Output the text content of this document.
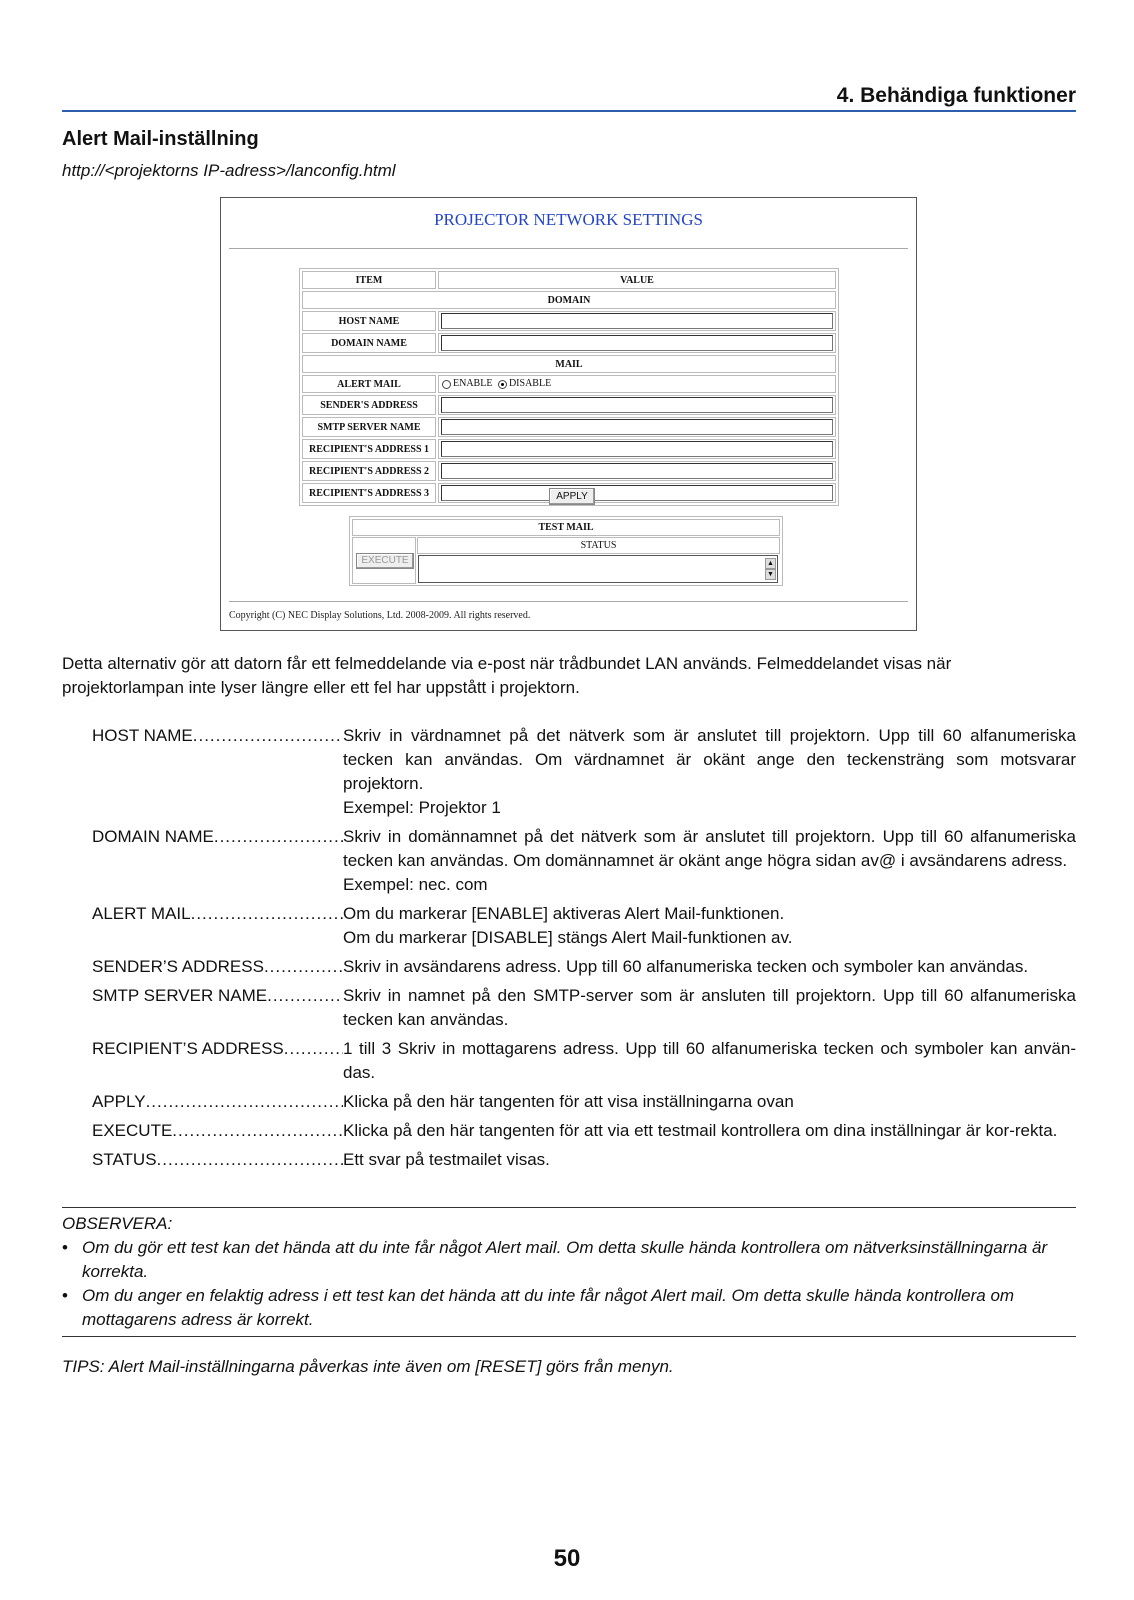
4. Behändiga funktioner
Alert Mail-inställning
http://<projektorns IP-adress>/lanconfig.html
PROJECTOR NETWORK SETTINGS
ITEM	VALUE
DOMAIN	
HOST NAME	

DOMAIN NAME	

MAIL	
ALERT MAIL	ENABLE DISABLE
SENDER'S ADDRESS	

SMTP SERVER NAME	

RECIPIENT'S ADDRESS 1	

RECIPIENT'S ADDRESS 2	

RECIPIENT'S ADDRESS 3		APPLY
TEST MAIL
EXECUTE
STATUS
▲
▼
Copyright (C) NEC Display Solutions, Ltd. 2008-2009. All rights reserved.

Detta alternativ gör att datorn får ett felmeddelande via e-post när trådbundet LAN används. Felmeddelandet visas när projektorlampan inte lyser längre eller ett fel har uppstått i projektorn.

HOST NAME .....	Skriv in värdnamnet på det nätverk som är anslutet till projektorn. Upp till 60 alfanumeriska tecken kan användas. Om värdnamnet är okänt ange den teckensträng som motsvarar projektorn.
Exempel: Projektor 1
DOMAIN NAME .....	Skriv in domännamnet på det nätverk som är anslutet till projektorn. Upp till 60 alfanumeriska tecken kan användas. Om domännamnet är okänt ange högra sidan av@ i avsändarens adress.
Exempel: nec. com
ALERT MAIL .....	Om du markerar [ENABLE] aktiveras Alert Mail-funktionen.
Om du markerar [DISABLE] stängs Alert Mail-funktionen av.
SENDER’S ADDRESS .....	Skriv in avsändarens adress. Upp till 60 alfanumeriska tecken och symboler kan användas.
SMTP SERVER NAME .....	Skriv in namnet på den SMTP-server som är ansluten till projektorn. Upp till 60 alfanumeriska tecken kan användas.
RECIPIENT’S ADDRESS .....	1 till 3 Skriv in mottagarens adress. Upp till 60 alfanumeriska tecken och symboler kan använ-das.
APPLY .....	Klicka på den här tangenten för att visa inställningarna ovan
EXECUTE .....	Klicka på den här tangenten för att via ett testmail kontrollera om dina inställningar är kor-rekta.
STATUS .....	Ett svar på testmailet visas.
OBSERVERA:
• Om du gör ett test kan det hända att du inte får något Alert mail. Om detta skulle hända kontrollera om nätverksinställningarna är korrekta.
• Om du anger en felaktig adress i ett test kan det hända att du inte får något Alert mail. Om detta skulle hända kontrollera om mottagarens adress är korrekt.
TIPS: Alert Mail-inställningarna påverkas inte även om [RESET] görs från menyn.
50
